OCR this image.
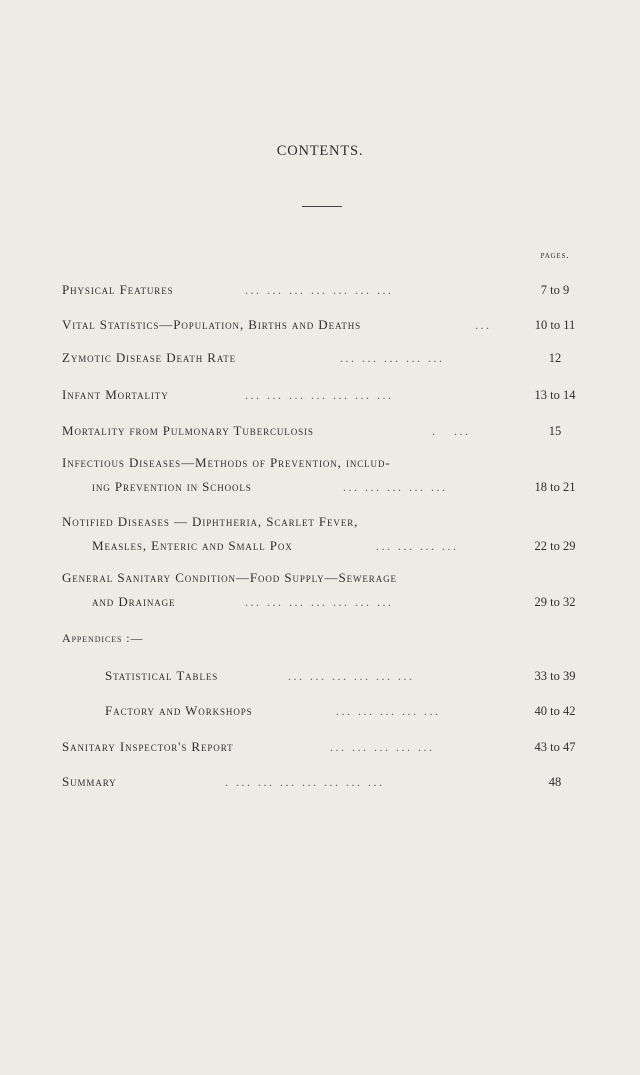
CONTENTS.
pages.
Physical Features	... ... ... ... ... ... ...	7 to 9
Vital Statistics—Population, Births and Deaths	...	10 to 11
Zymotic Disease Death Rate	... ... ... ... ...	12
Infant Mortality	... ... ... ... ... ... ...	13 to 14
Mortality from Pulmonary Tuberculosis	.   ...	15
Infectious Diseases—Methods of Prevention, includ-
ing Prevention in Schools	... ... ... ... ...	18 to 21
Notified Diseases — Diphtheria, Scarlet Fever,
Measles, Enteric and Small Pox	... ... ... ...	22 to 29
General Sanitary Condition—Food Supply—Sewerage
and Drainage	... ... ... ... ... ... ...	29 to 32
Appendices :—
Statistical Tables	... ... ... ... ... ...	33 to 39
Factory and Workshops	... ... ... ... ...	40 to 42
Sanitary Inspector's Report	... ... ... ... ...	43 to 47
Summary	. ... ... ... ... ... ... ...	48
